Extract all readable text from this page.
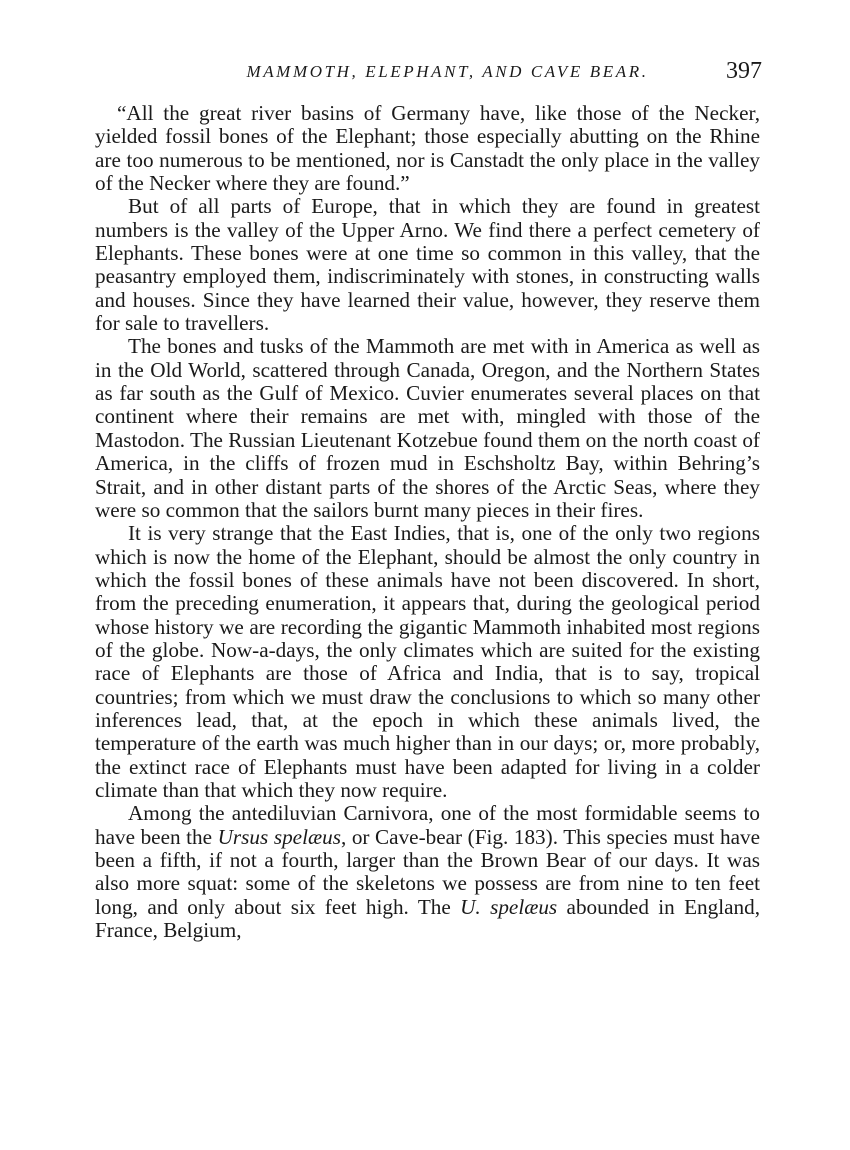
MAMMOTH, ELEPHANT, AND CAVE BEAR.	397

“All the great river basins of Germany have, like those of the Necker, yielded fossil bones of the Elephant; those especially abutting on the Rhine are too numerous to be mentioned, nor is Canstadt the only place in the valley of the Necker where they are found.”

But of all parts of Europe, that in which they are found in greatest numbers is the valley of the Upper Arno. We find there a perfect cemetery of Elephants. These bones were at one time so common in this valley, that the peasantry employed them, indiscriminately with stones, in constructing walls and houses. Since they have learned their value, however, they reserve them for sale to travellers.

The bones and tusks of the Mammoth are met with in America as well as in the Old World, scattered through Canada, Oregon, and the Northern States as far south as the Gulf of Mexico. Cuvier enumerates several places on that continent where their remains are met with, mingled with those of the Mastodon. The Russian Lieutenant Kotzebue found them on the north coast of America, in the cliffs of frozen mud in Eschsholtz Bay, within Behring’s Strait, and in other distant parts of the shores of the Arctic Seas, where they were so common that the sailors burnt many pieces in their fires.

It is very strange that the East Indies, that is, one of the only two regions which is now the home of the Elephant, should be almost the only country in which the fossil bones of these animals have not been discovered. In short, from the preceding enumeration, it appears that, during the geological period whose history we are recording the gigantic Mammoth inhabited most regions of the globe. Now-a-days, the only climates which are suited for the existing race of Elephants are those of Africa and India, that is to say, tropical countries; from which we must draw the conclusions to which so many other inferences lead, that, at the epoch in which these animals lived, the temperature of the earth was much higher than in our days; or, more probably, the extinct race of Elephants must have been adapted for living in a colder climate than that which they now require.

Among the antediluvian Carnivora, one of the most formidable seems to have been the Ursus spelæus, or Cave-bear (Fig. 183). This species must have been a fifth, if not a fourth, larger than the Brown Bear of our days. It was also more squat: some of the skeletons we possess are from nine to ten feet long, and only about six feet high. The U. spelæus abounded in England, France, Belgium,
